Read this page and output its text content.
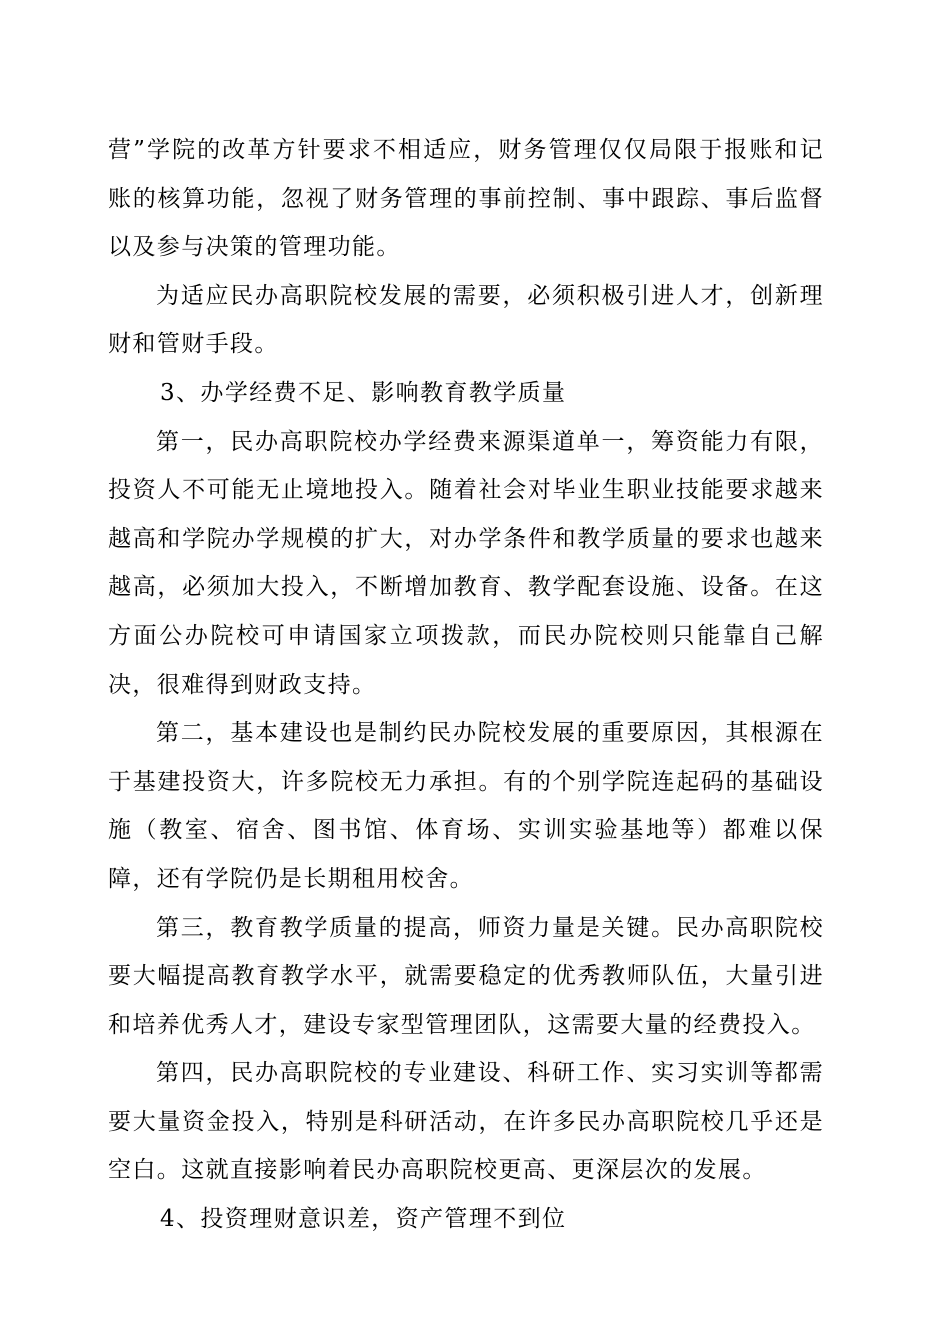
营”学院的改革方针要求不相适应，财务管理仅仅局限于报账和记账的核算功能，忽视了财务管理的事前控制、事中跟踪、事后监督以及参与决策的管理功能。

为适应民办高职院校发展的需要，必须积极引进人才，创新理财和管财手段。

3、办学经费不足、影响教育教学质量

第一，民办高职院校办学经费来源渠道单一，筹资能力有限，投资人不可能无止境地投入。随着社会对毕业生职业技能要求越来越高和学院办学规模的扩大，对办学条件和教学质量的要求也越来越高，必须加大投入，不断增加教育、教学配套设施、设备。在这方面公办院校可申请国家立项拨款，而民办院校则只能靠自己解决，很难得到财政支持。

第二，基本建设也是制约民办院校发展的重要原因，其根源在于基建投资大，许多院校无力承担。有的个别学院连起码的基础设施（教室、宿舍、图书馆、体育场、实训实验基地等）都难以保障，还有学院仍是长期租用校舍。

第三，教育教学质量的提高，师资力量是关键。民办高职院校要大幅提高教育教学水平，就需要稳定的优秀教师队伍，大量引进和培养优秀人才，建设专家型管理团队，这需要大量的经费投入。

第四，民办高职院校的专业建设、科研工作、实习实训等都需要大量资金投入，特别是科研活动，在许多民办高职院校几乎还是空白。这就直接影响着民办高职院校更高、更深层次的发展。

4、投资理财意识差，资产管理不到位
